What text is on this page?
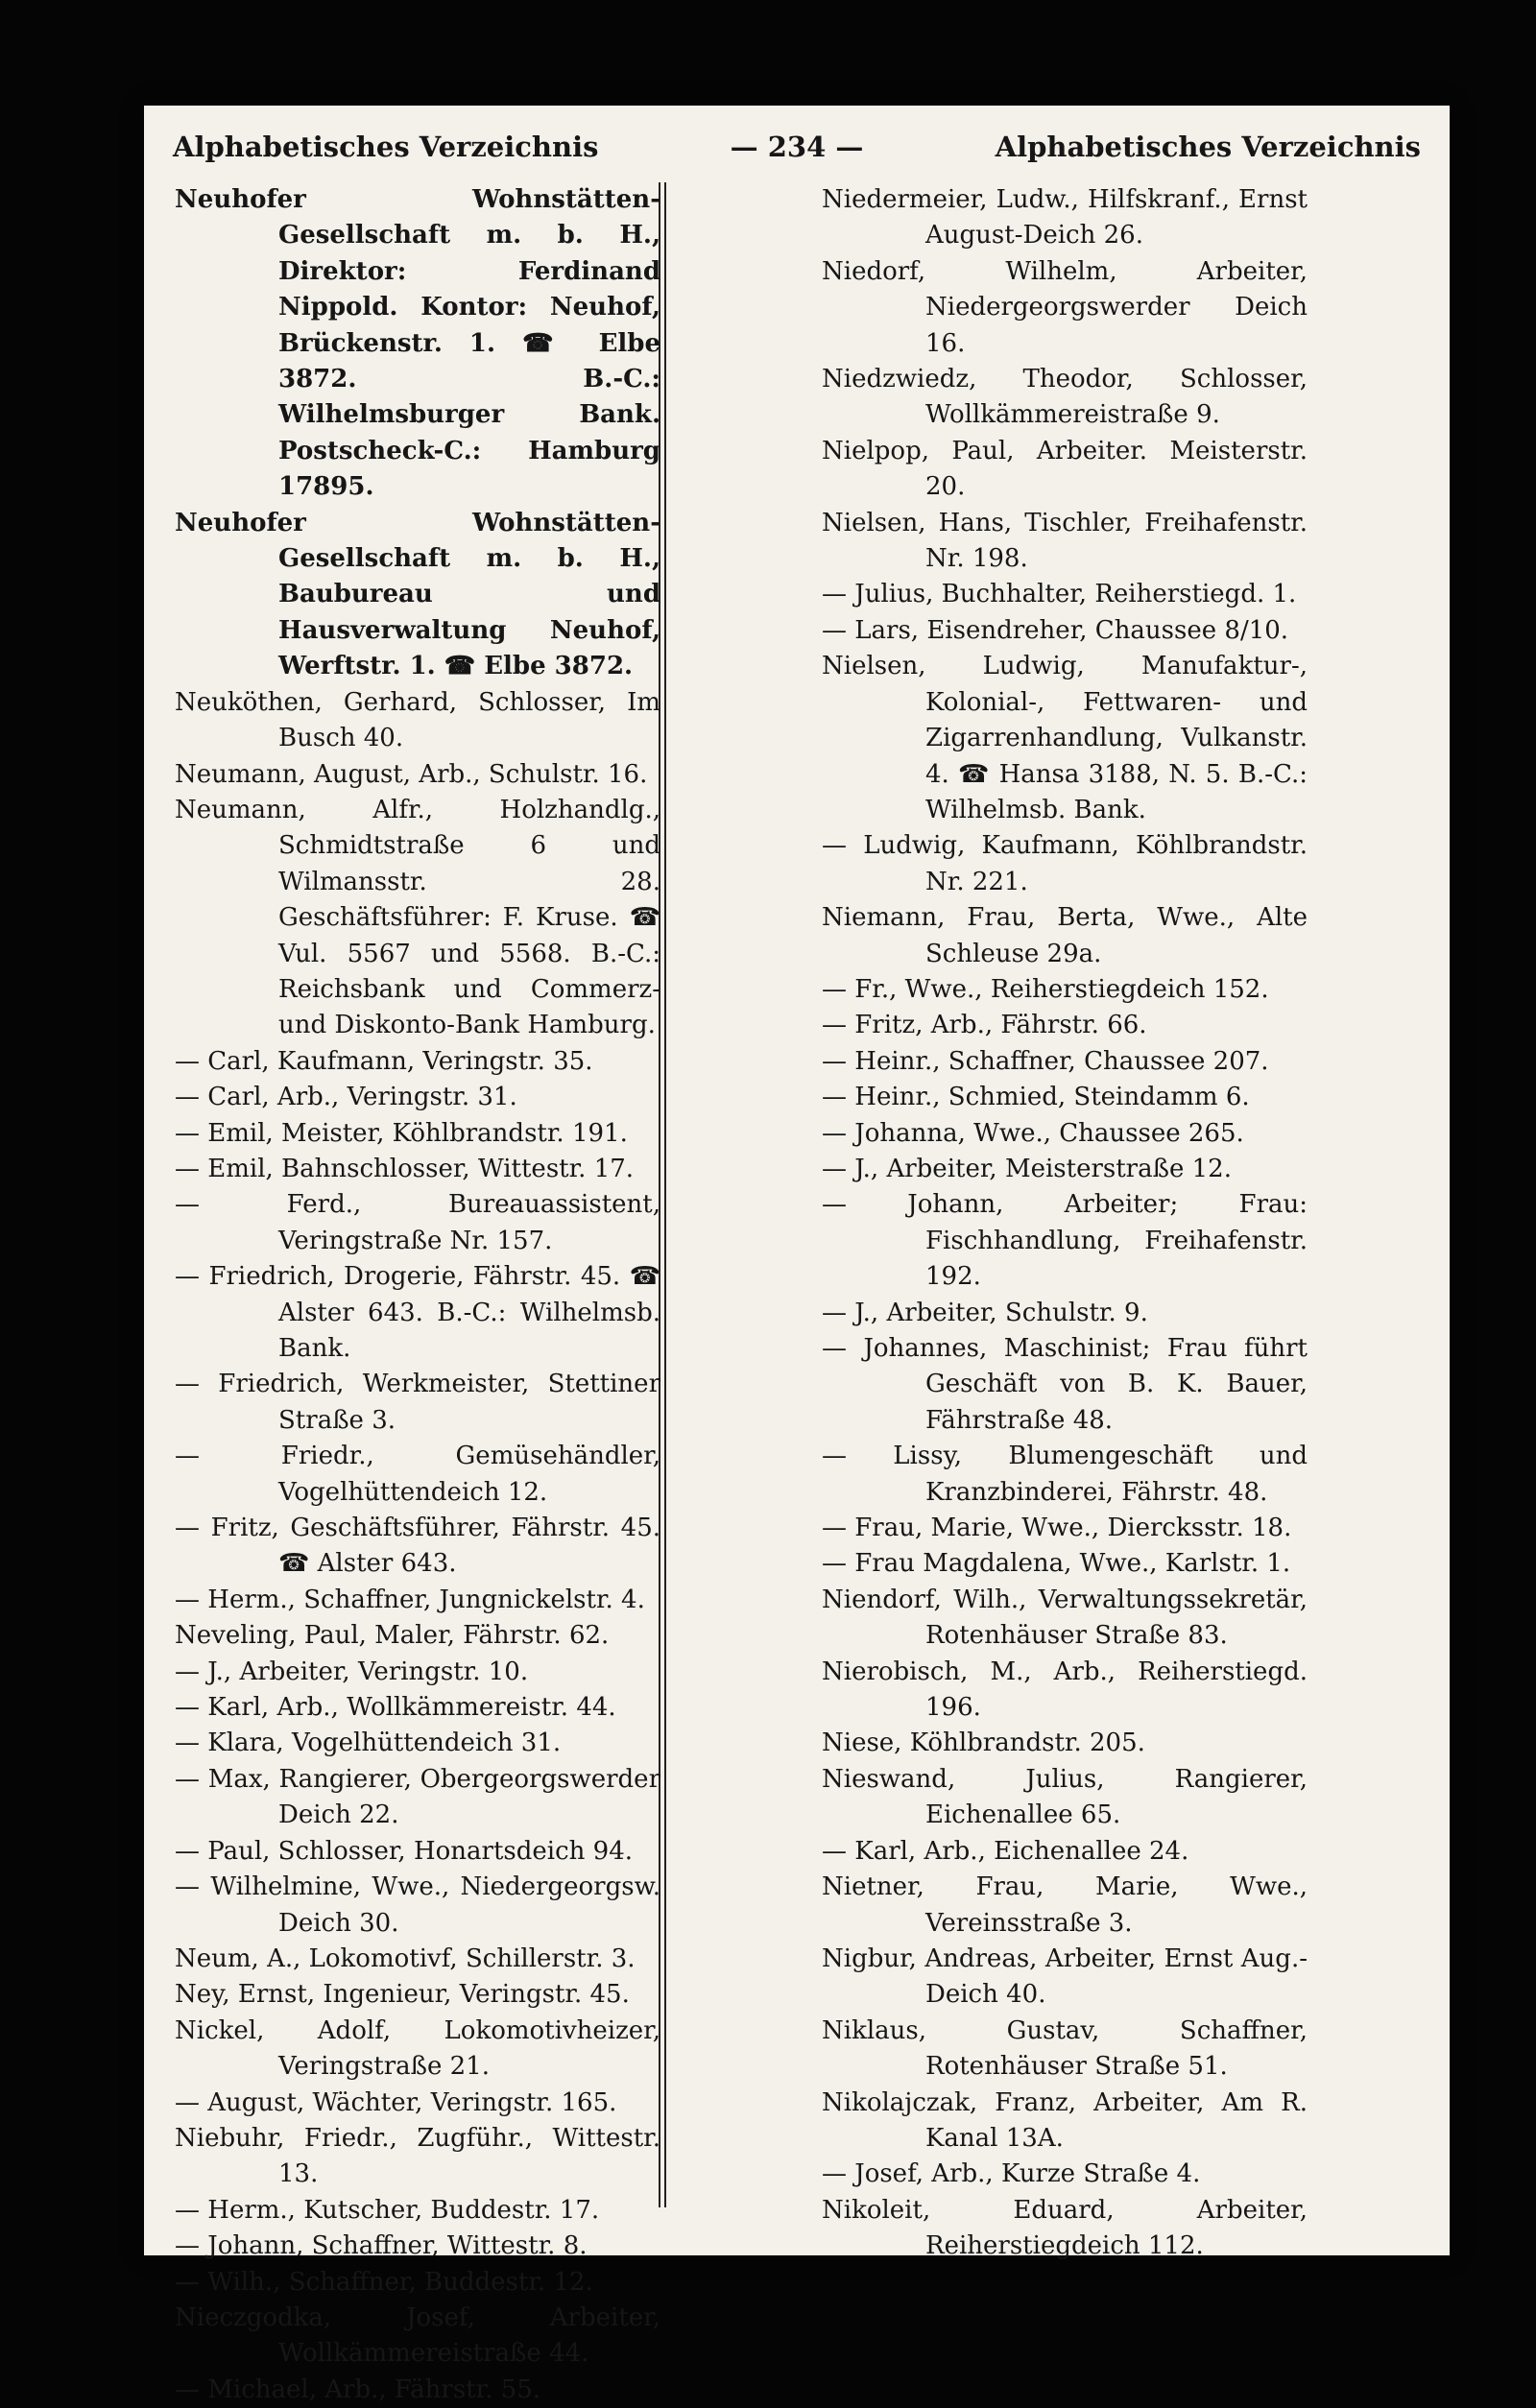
Alphabetisches Verzeichnis	— 234 —	Alphabetisches Verzeichnis

Neuhofer Wohnstätten-Gesellschaft m. b. H., Direktor: Ferdinand Nippold. Kontor: Neuhof, Brückenstr. 1. ☎ Elbe 3872. B.-C.: Wilhelmsburger Bank. Postscheck-C.: Hamburg 17895.

Neuhofer Wohnstätten-Gesellschaft m. b. H., Baubureau und Hausverwaltung Neuhof, Werftstr. 1. ☎ Elbe 3872.

Neuköthen, Gerhard, Schlosser, Im Busch 40.

Neumann, August, Arb., Schulstr. 16.

Neumann, Alfr., Holzhandlg., Schmidtstraße 6 und Wilmansstr. 28. Geschäftsführer: F. Kruse. ☎ Vul. 5567 und 5568. B.-C.: Reichsbank und Commerz- und Diskonto-Bank Hamburg.

— Carl, Kaufmann, Veringstr. 35.

— Carl, Arb., Veringstr. 31.

— Emil, Meister, Köhlbrandstr. 191.

— Emil, Bahnschlosser, Wittestr. 17.

— Ferd., Bureauassistent, Veringstraße Nr. 157.

— Friedrich, Drogerie, Fährstr. 45. ☎ Alster 643. B.-C.: Wilhelmsb. Bank.

— Friedrich, Werkmeister, Stettiner Straße 3.

— Friedr., Gemüsehändler, Vogelhüttendeich 12.

— Fritz, Geschäftsführer, Fährstr. 45. ☎ Alster 643.

— Herm., Schaffner, Jungnickelstr. 4.

Neveling, Paul, Maler, Fährstr. 62.

— J., Arbeiter, Veringstr. 10.

— Karl, Arb., Wollkämmereistr. 44.

— Klara, Vogelhüttendeich 31.

— Max, Rangierer, Obergeorgswerder Deich 22.

— Paul, Schlosser, Honartsdeich 94.

— Wilhelmine, Wwe., Niedergeorgsw. Deich 30.

Neum, A., Lokomotivf, Schillerstr. 3.

Ney, Ernst, Ingenieur, Veringstr. 45.

Nickel, Adolf, Lokomotivheizer, Veringstraße 21.

— August, Wächter, Veringstr. 165.

Niebuhr, Friedr., Zugführ., Wittestr. 13.

— Herm., Kutscher, Buddestr. 17.

— Johann, Schaffner, Wittestr. 8.

— Wilh., Schaffner, Buddestr. 12.

Nieczgodka, Josef, Arbeiter, Wollkämmereistraße 44.

— Michael, Arb., Fährstr. 55.

Niedermeier, Ludw., Hilfskranf., Ernst August-Deich 26.

Niedorf, Wilhelm, Arbeiter, Niedergeorgswerder Deich 16.

Niedzwiedz, Theodor, Schlosser, Wollkämmereistraße 9.

Nielpop, Paul, Arbeiter. Meisterstr. 20.

Nielsen, Hans, Tischler, Freihafenstr. Nr. 198.

— Julius, Buchhalter, Reiherstiegd. 1.

— Lars, Eisendreher, Chaussee 8/10.

Nielsen, Ludwig, Manufaktur-, Kolonial-, Fettwaren- und Zigarrenhandlung, Vulkanstr. 4. ☎ Hansa 3188, N. 5. B.-C.: Wilhelmsb. Bank.

— Ludwig, Kaufmann, Köhlbrandstr. Nr. 221.

Niemann, Frau, Berta, Wwe., Alte Schleuse 29a.

— Fr., Wwe., Reiherstiegdeich 152.

— Fritz, Arb., Fährstr. 66.

— Heinr., Schaffner, Chaussee 207.

— Heinr., Schmied, Steindamm 6.

— Johanna, Wwe., Chaussee 265.

— J., Arbeiter, Meisterstraße 12.

— Johann, Arbeiter; Frau: Fischhandlung, Freihafenstr. 192.

— J., Arbeiter, Schulstr. 9.

— Johannes, Maschinist; Frau führt Geschäft von B. K. Bauer, Fährstraße 48.

— Lissy, Blumengeschäft und Kranzbinderei, Fährstr. 48.

— Frau, Marie, Wwe., Diercksstr. 18.

— Frau Magdalena, Wwe., Karlstr. 1.

Niendorf, Wilh., Verwaltungssekretär, Rotenhäuser Straße 83.

Nierobisch, M., Arb., Reiherstiegd. 196.

Niese, Köhlbrandstr. 205.

Nieswand, Julius, Rangierer, Eichenallee 65.

— Karl, Arb., Eichenallee 24.

Nietner, Frau, Marie, Wwe., Vereinsstraße 3.

Nigbur, Andreas, Arbeiter, Ernst Aug.-Deich 40.

Niklaus, Gustav, Schaffner, Rotenhäuser Straße 51.

Nikolajczak, Franz, Arbeiter, Am R. Kanal 13A.

— Josef, Arb., Kurze Straße 4.

Nikoleit, Eduard, Arbeiter, Reiherstiegdeich 112.
